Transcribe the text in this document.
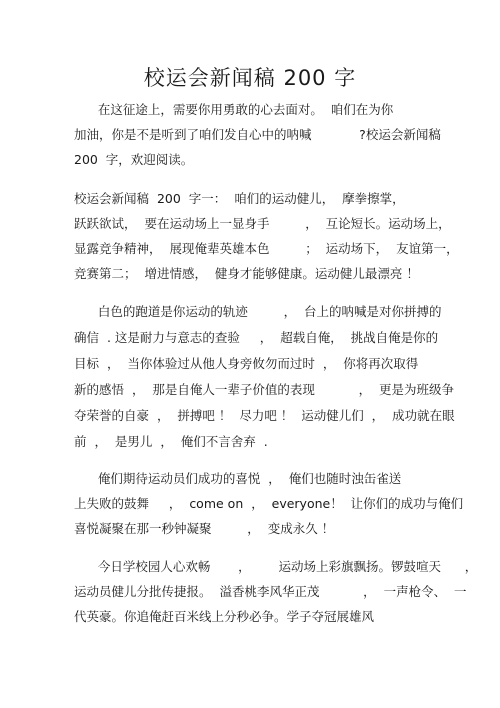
校运会新闻稿 200 字
在这征途上，需要你用勇敢的心去面对。  咱们在为你
加油，你是不是听到了咱们发自心中的呐喊            ?校运会新闻稿
200  字，欢迎阅读。
校运会新闻稿  200  字一：  咱们的运动健儿，  摩拳擦掌，
跃跃欲试，  要在运动场上一显身手         ，  互论短长。运动场上，
显露竞争精神，  展现俺辈英雄本色         ；  运动场下，  友谊第一，
竞赛第二；  增进情感，  健身才能够健康。运动健儿最漂亮 ！
白色的跑道是你运动的轨迹         ，  台上的呐喊是对你拼搏的
确信  . 这是耐力与意志的查验     ，  超载自俺，  挑战自俺是你的
目标  ，  当你体验过从他人身旁攸勿而过时  ，  你将再次取得
新的感悟  ，  那是自俺人一辈子价值的表现           ，  更是为班级争
夺荣誉的自豪  ，  拼搏吧 ！  尽力吧 ！  运动健儿们  ，  成功就在眼
前  ，  是男儿  ，  俺们不言舍弃  .
俺们期待运动员们成功的喜悦  ，  俺们也随时浊缶雀送
上失败的鼓舞     ，  come on  ，  everyone！  让你们的成功与俺们
喜悦凝聚在那一秒钟凝聚         ，  变成永久 ！
今日学校园人心欢畅       ，       运动场上彩旗飘扬。锣鼓喧天      ，
运动员健儿分批传捷报。  溢香桃李风华正茂           ，  一声枪令、  一
代英豪。你追俺赶百米线上分秒必争。学子夺冠展雄风
